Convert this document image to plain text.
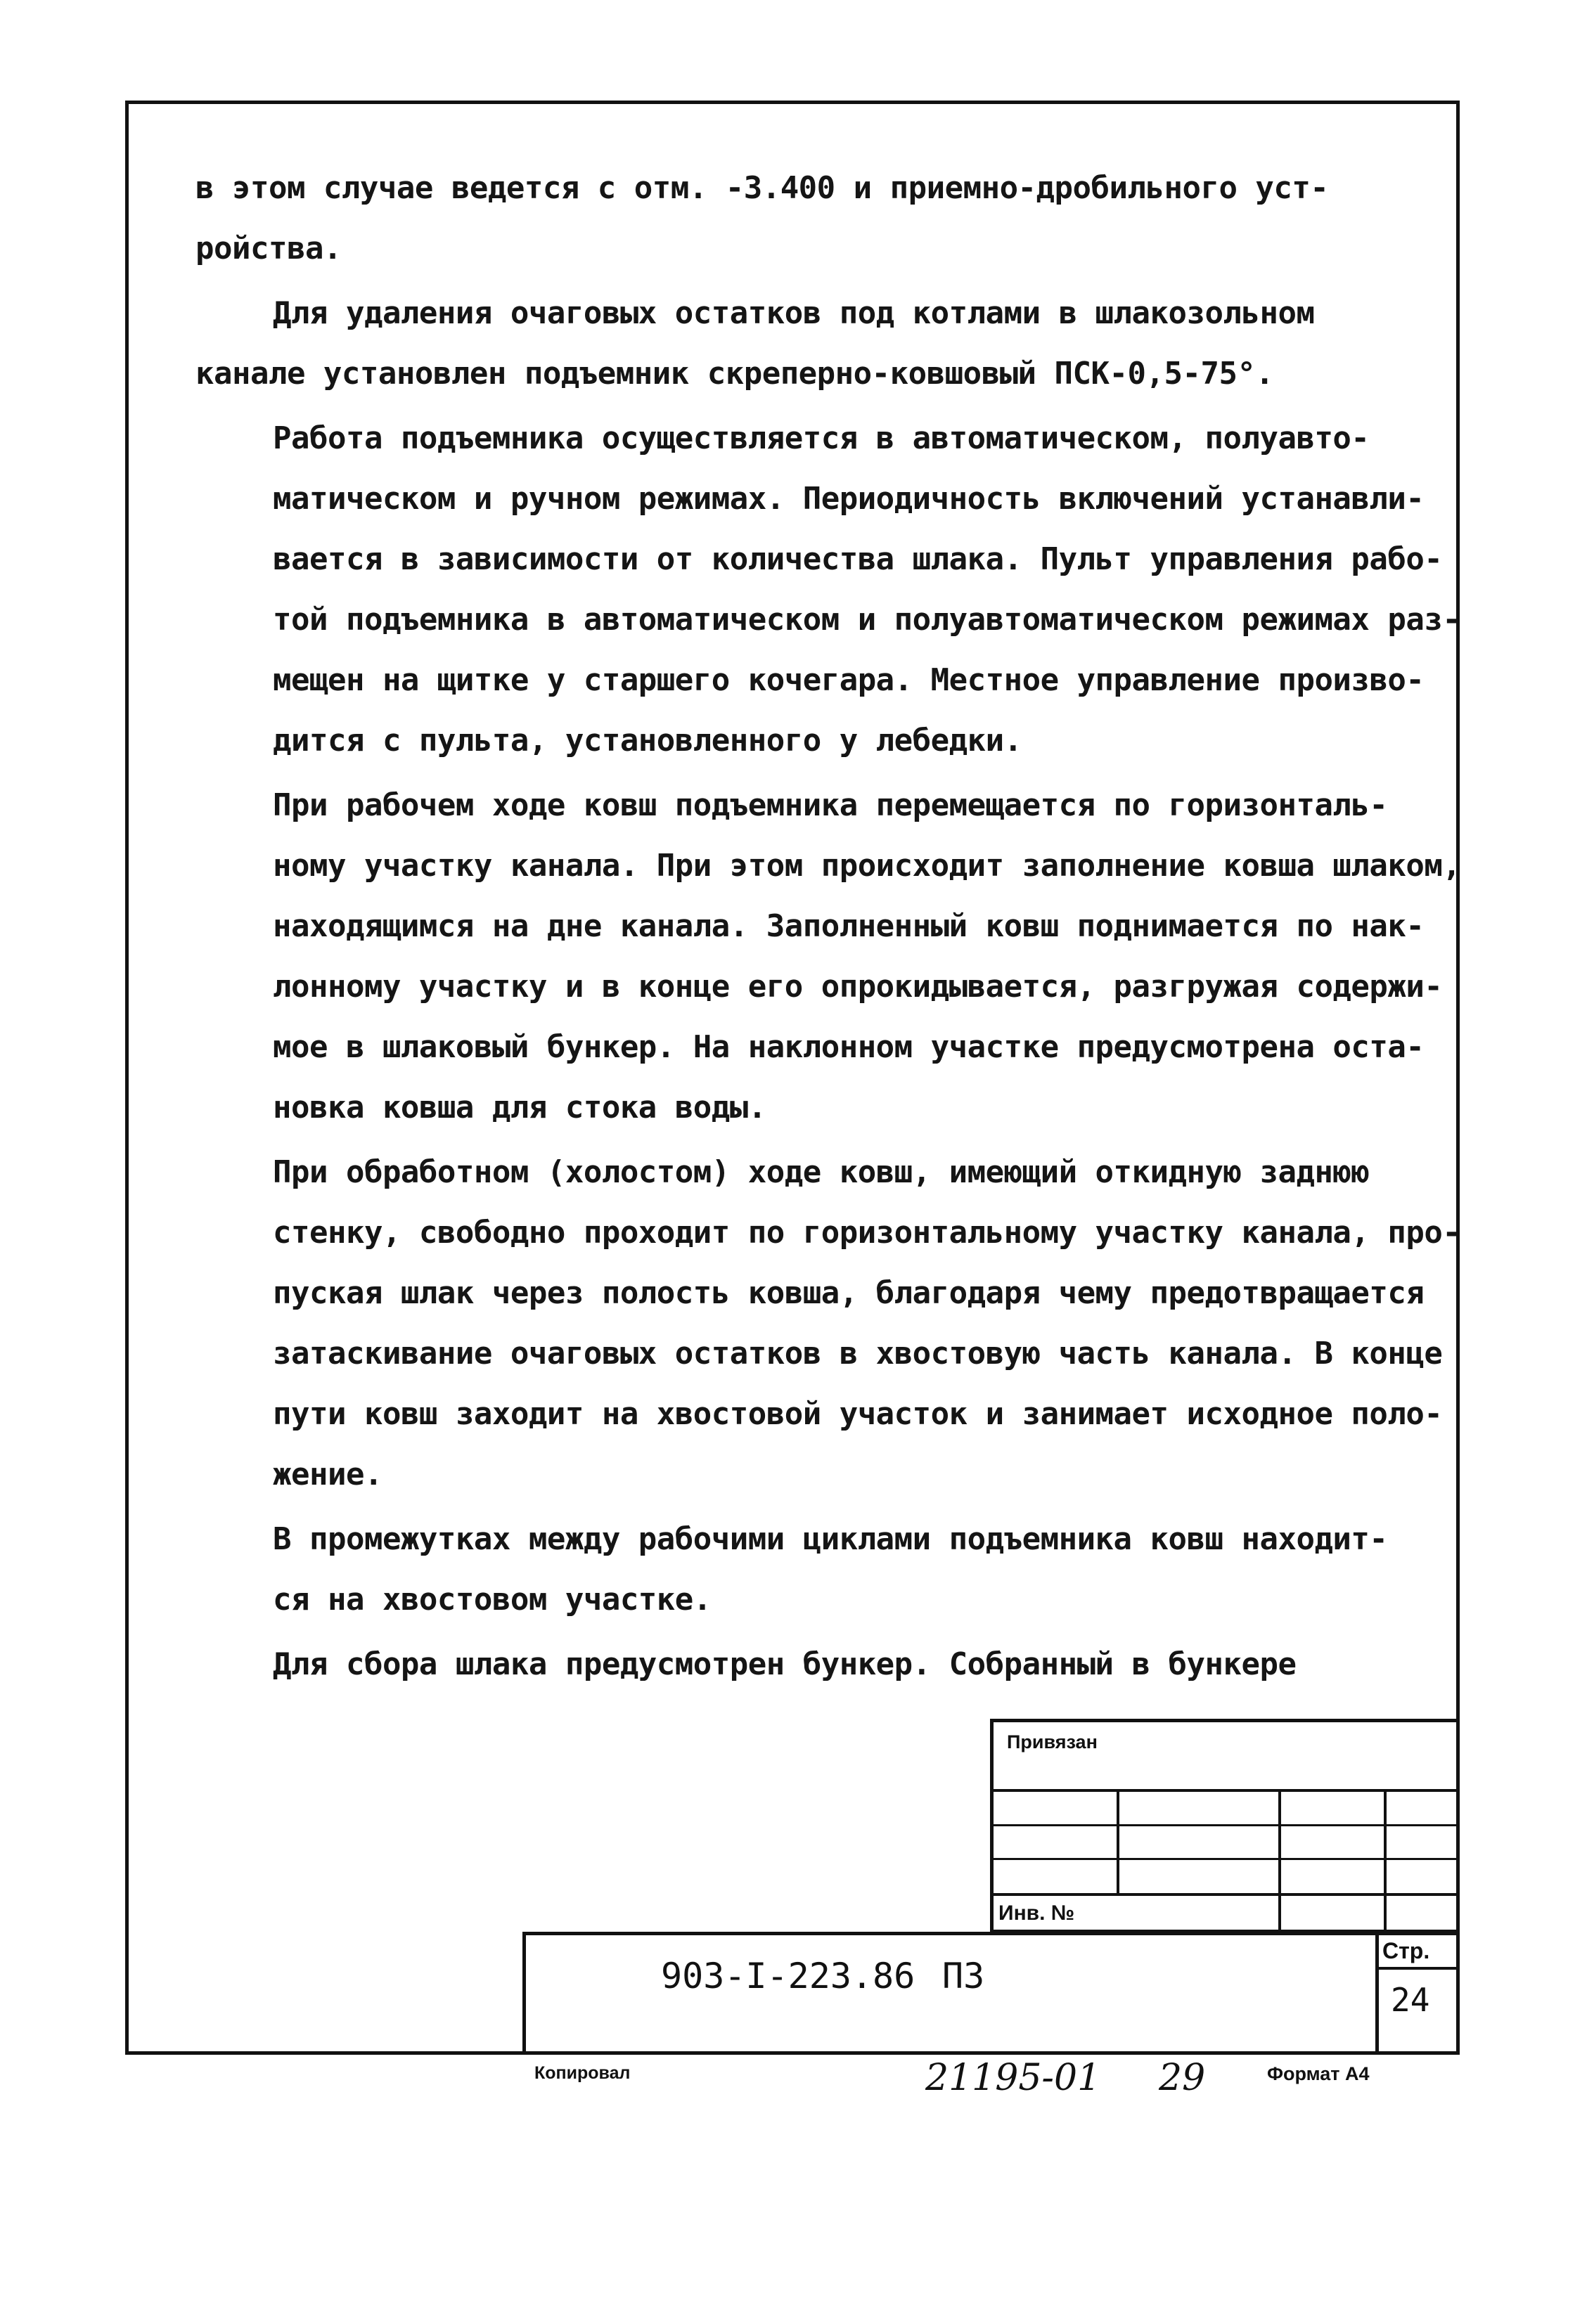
в этом случае ведется с отм. -3.400 и приемно-дробильного уст-
ройства.

Для удаления очаговых остатков под котлами в шлакозольном
канале установлен подъемник скреперно-ковшовый ПСК-0,5-75°.

Работа подъемника осуществляется в автоматическом, полуавто-
матическом и ручном режимах. Периодичность включений устанавли-
вается в зависимости от количества шлака. Пульт управления рабо-
той подъемника в автоматическом и полуавтоматическом режимах раз-
мещен на щитке у старшего кочегара. Местное управление произво-
дится с пульта, установленного у лебедки.

При рабочем ходе ковш подъемника перемещается по горизонталь-
ному участку канала. При этом происходит заполнение ковша шлаком,
находящимся на дне канала. Заполненный ковш поднимается по нак-
лонному участку и в конце его опрокидывается, разгружая содержи-
мое в шлаковый бункер. На наклонном участке предусмотрена оста-
новка ковша для стока воды.

При обработном (холостом) ходе ковш, имеющий откидную заднюю
стенку, свободно проходит по горизонтальному участку канала, про-
пуская шлак через полость ковша, благодаря чему предотвращается
затаскивание очаговых остатков в хвостовую часть канала. В конце
пути ковш заходит на хвостовой участок и занимает исходное поло-
жение.

В промежутках между рабочими циклами подъемника ковш находит-
ся на хвостовом участке.

Для сбора шлака предусмотрен бункер. Собранный в бункере

Привязан
Инв. №
903-I-223.86 ПЗ
Стр.
24
Копировал	21195-01 29	Формат А4
